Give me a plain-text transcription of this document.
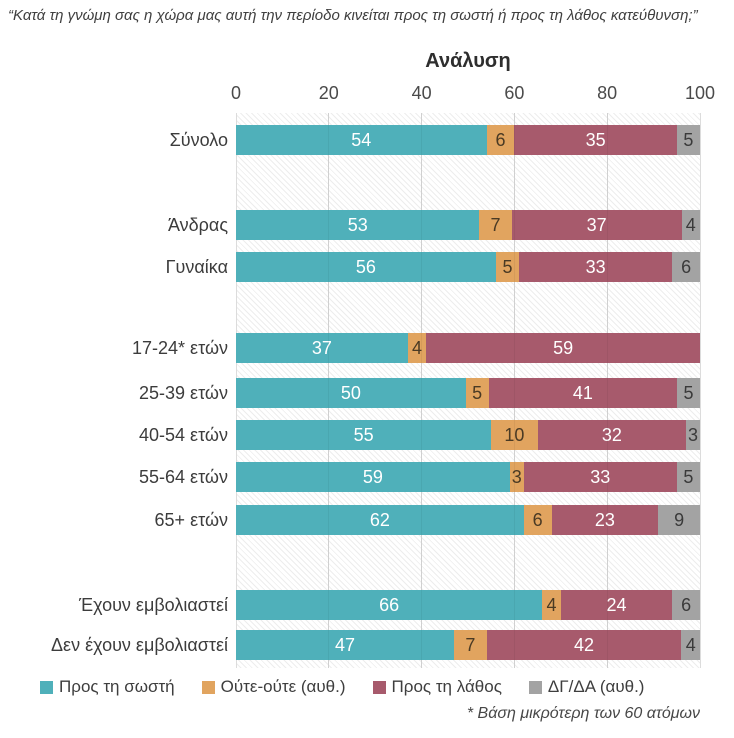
“Κατά τη γνώμη σας η χώρα μας αυτή την περίοδο κινείται προς τη σωστή ή προς τη λάθος κατεύθυνση;”
Ανάλυση
0	20	40	60	80	100
54	6	35	5
53	7	37	4
56	5	33	6
37	4	59
50	5	41	5
55	10	32	3
59	3	33	5
62	6	23	9
66	4	24	6
47	7	42	4
Προς τη σωστή	Ούτε-ούτε (αυθ.)	Προς τη λάθος	ΔΓ/ΔΑ (αυθ.)
* Βάση μικρότερη των 60 ατόμων
Σύνολο
Άνδρας
Γυναίκα
17-24* ετών
25-39 ετών
40-54 ετών
55-64 ετών
65+ ετών
Έχουν εμβολιαστεί
Δεν έχουν εμβολιαστεί
